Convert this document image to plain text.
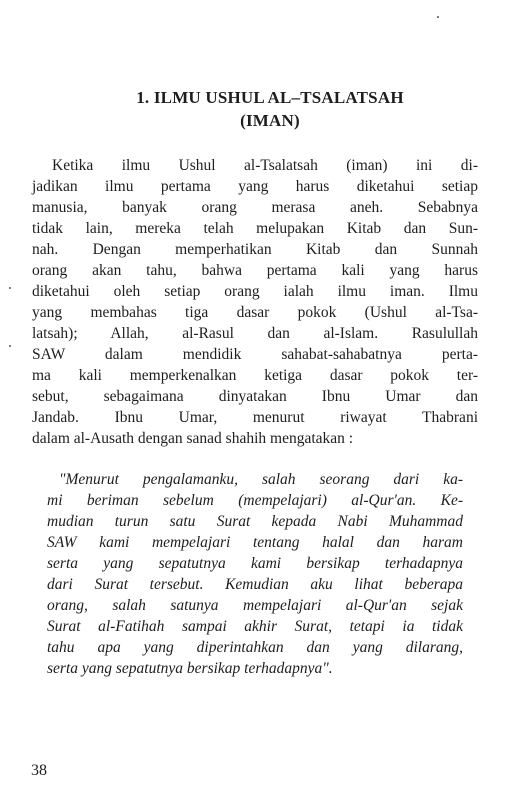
1. ILMU USHUL AL–TSALATSAH
(IMAN)
Ketika ilmu Ushul al-Tsalatsah (iman) ini di-
jadikan ilmu pertama yang harus diketahui setiap
manusia, banyak orang merasa aneh. Sebabnya
tidak lain, mereka telah melupakan Kitab dan Sun-
nah. Dengan memperhatikan Kitab dan Sunnah
orang akan tahu, bahwa pertama kali yang harus
diketahui oleh setiap orang ialah ilmu iman. Ilmu
yang membahas tiga dasar pokok (Ushul al-Tsa-
latsah); Allah, al-Rasul dan al-Islam. Rasulullah
SAW dalam mendidik sahabat-sahabatnya perta-
ma kali memperkenalkan ketiga dasar pokok ter-
sebut, sebagaimana dinyatakan Ibnu Umar dan
Jandab. Ibnu Umar, menurut riwayat Thabrani
dalam al-Ausath dengan sanad shahih mengatakan :
"Menurut pengalamanku, salah seorang dari ka-
mi beriman sebelum (mempelajari) al-Qur'an. Ke-
mudian turun satu Surat kepada Nabi Muhammad
SAW kami mempelajari tentang halal dan haram
serta yang sepatutnya kami bersikap terhadapnya
dari Surat tersebut. Kemudian aku lihat beberapa
orang, salah satunya mempelajari al-Qur'an sejak
Surat al-Fatihah sampai akhir Surat, tetapi ia tidak
tahu apa yang diperintahkan dan yang dilarang,
serta yang sepatutnya bersikap terhadapnya".
38
